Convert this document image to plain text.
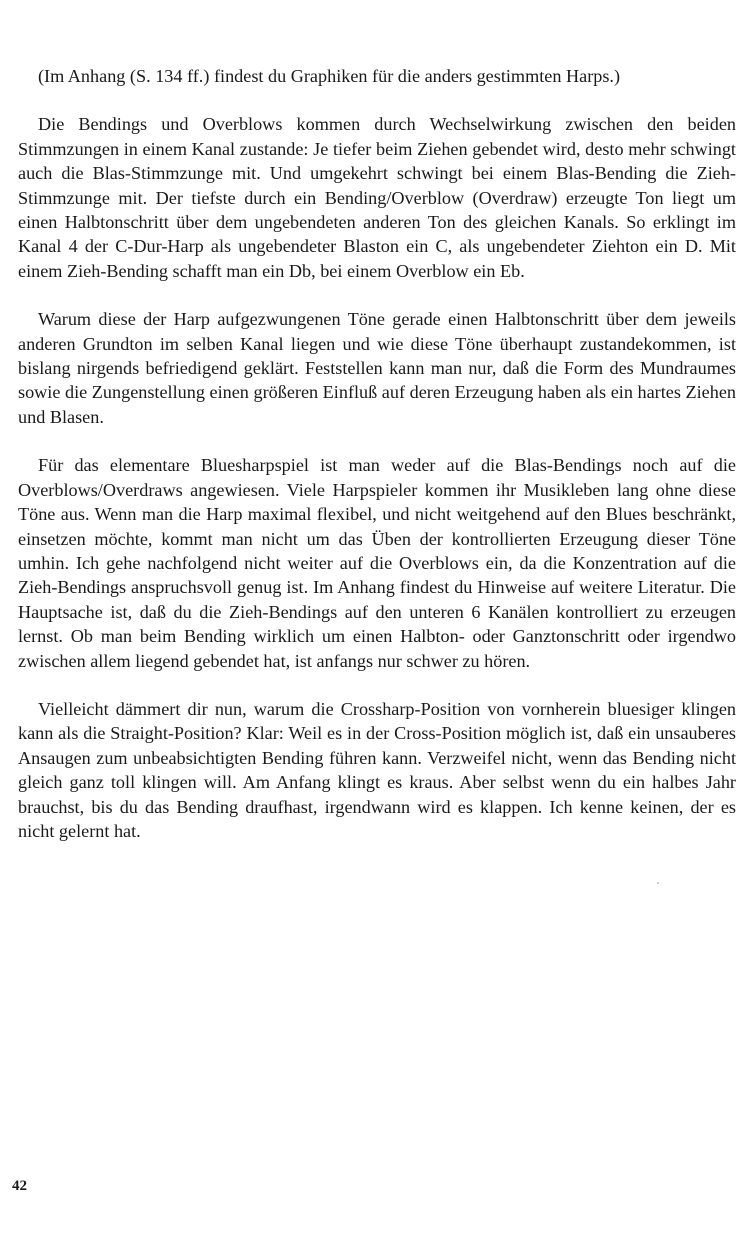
(Im Anhang (S. 134 ff.) findest du Graphiken für die anders gestimmten Harps.)

Die Bendings und Overblows kommen durch Wechselwirkung zwischen den beiden Stimmzungen in einem Kanal zustande: Je tiefer beim Ziehen gebendet wird, desto mehr schwingt auch die Blas-Stimmzunge mit. Und umgekehrt schwingt bei einem Blas-Bending die Zieh-Stimmzunge mit. Der tiefste durch ein Bending/Overblow (Overdraw) erzeugte Ton liegt um einen Halbtonschritt über dem ungebendeten anderen Ton des gleichen Kanals. So erklingt im Kanal 4 der C-Dur-Harp als ungebendeter Blaston ein C, als ungebendeter Ziehton ein D. Mit einem Zieh-Bending schafft man ein Db, bei einem Overblow ein Eb.

Warum diese der Harp aufgezwungenen Töne gerade einen Halbtonschritt über dem jeweils anderen Grundton im selben Kanal liegen und wie diese Töne überhaupt zustandekommen, ist bislang nirgends befriedigend geklärt. Feststellen kann man nur, daß die Form des Mundraumes sowie die Zungenstellung einen größeren Einfluß auf deren Erzeugung haben als ein hartes Ziehen und Blasen.

Für das elementare Bluesharpspiel ist man weder auf die Blas-Bendings noch auf die Overblows/Overdraws angewiesen. Viele Harpspieler kommen ihr Musikleben lang ohne diese Töne aus. Wenn man die Harp maximal flexibel, und nicht weitgehend auf den Blues beschränkt, einsetzen möchte, kommt man nicht um das Üben der kontrollierten Erzeugung dieser Töne umhin. Ich gehe nachfolgend nicht weiter auf die Overblows ein, da die Konzentration auf die Zieh-Bendings anspruchsvoll genug ist. Im Anhang findest du Hinweise auf weitere Literatur. Die Hauptsache ist, daß du die Zieh-Bendings auf den unteren 6 Kanälen kontrolliert zu erzeugen lernst. Ob man beim Bending wirklich um einen Halbton- oder Ganztonschritt oder irgendwo zwischen allem liegend gebendet hat, ist anfangs nur schwer zu hören.

Vielleicht dämmert dir nun, warum die Crossharp-Position von vornherein bluesiger klingen kann als die Straight-Position? Klar: Weil es in der Cross-Position möglich ist, daß ein unsauberes Ansaugen zum unbeabsichtigten Bending führen kann. Verzweifel nicht, wenn das Bending nicht gleich ganz toll klingen will. Am Anfang klingt es kraus. Aber selbst wenn du ein halbes Jahr brauchst, bis du das Bending draufhast, irgendwann wird es klappen. Ich kenne keinen, der es nicht gelernt hat.

42
